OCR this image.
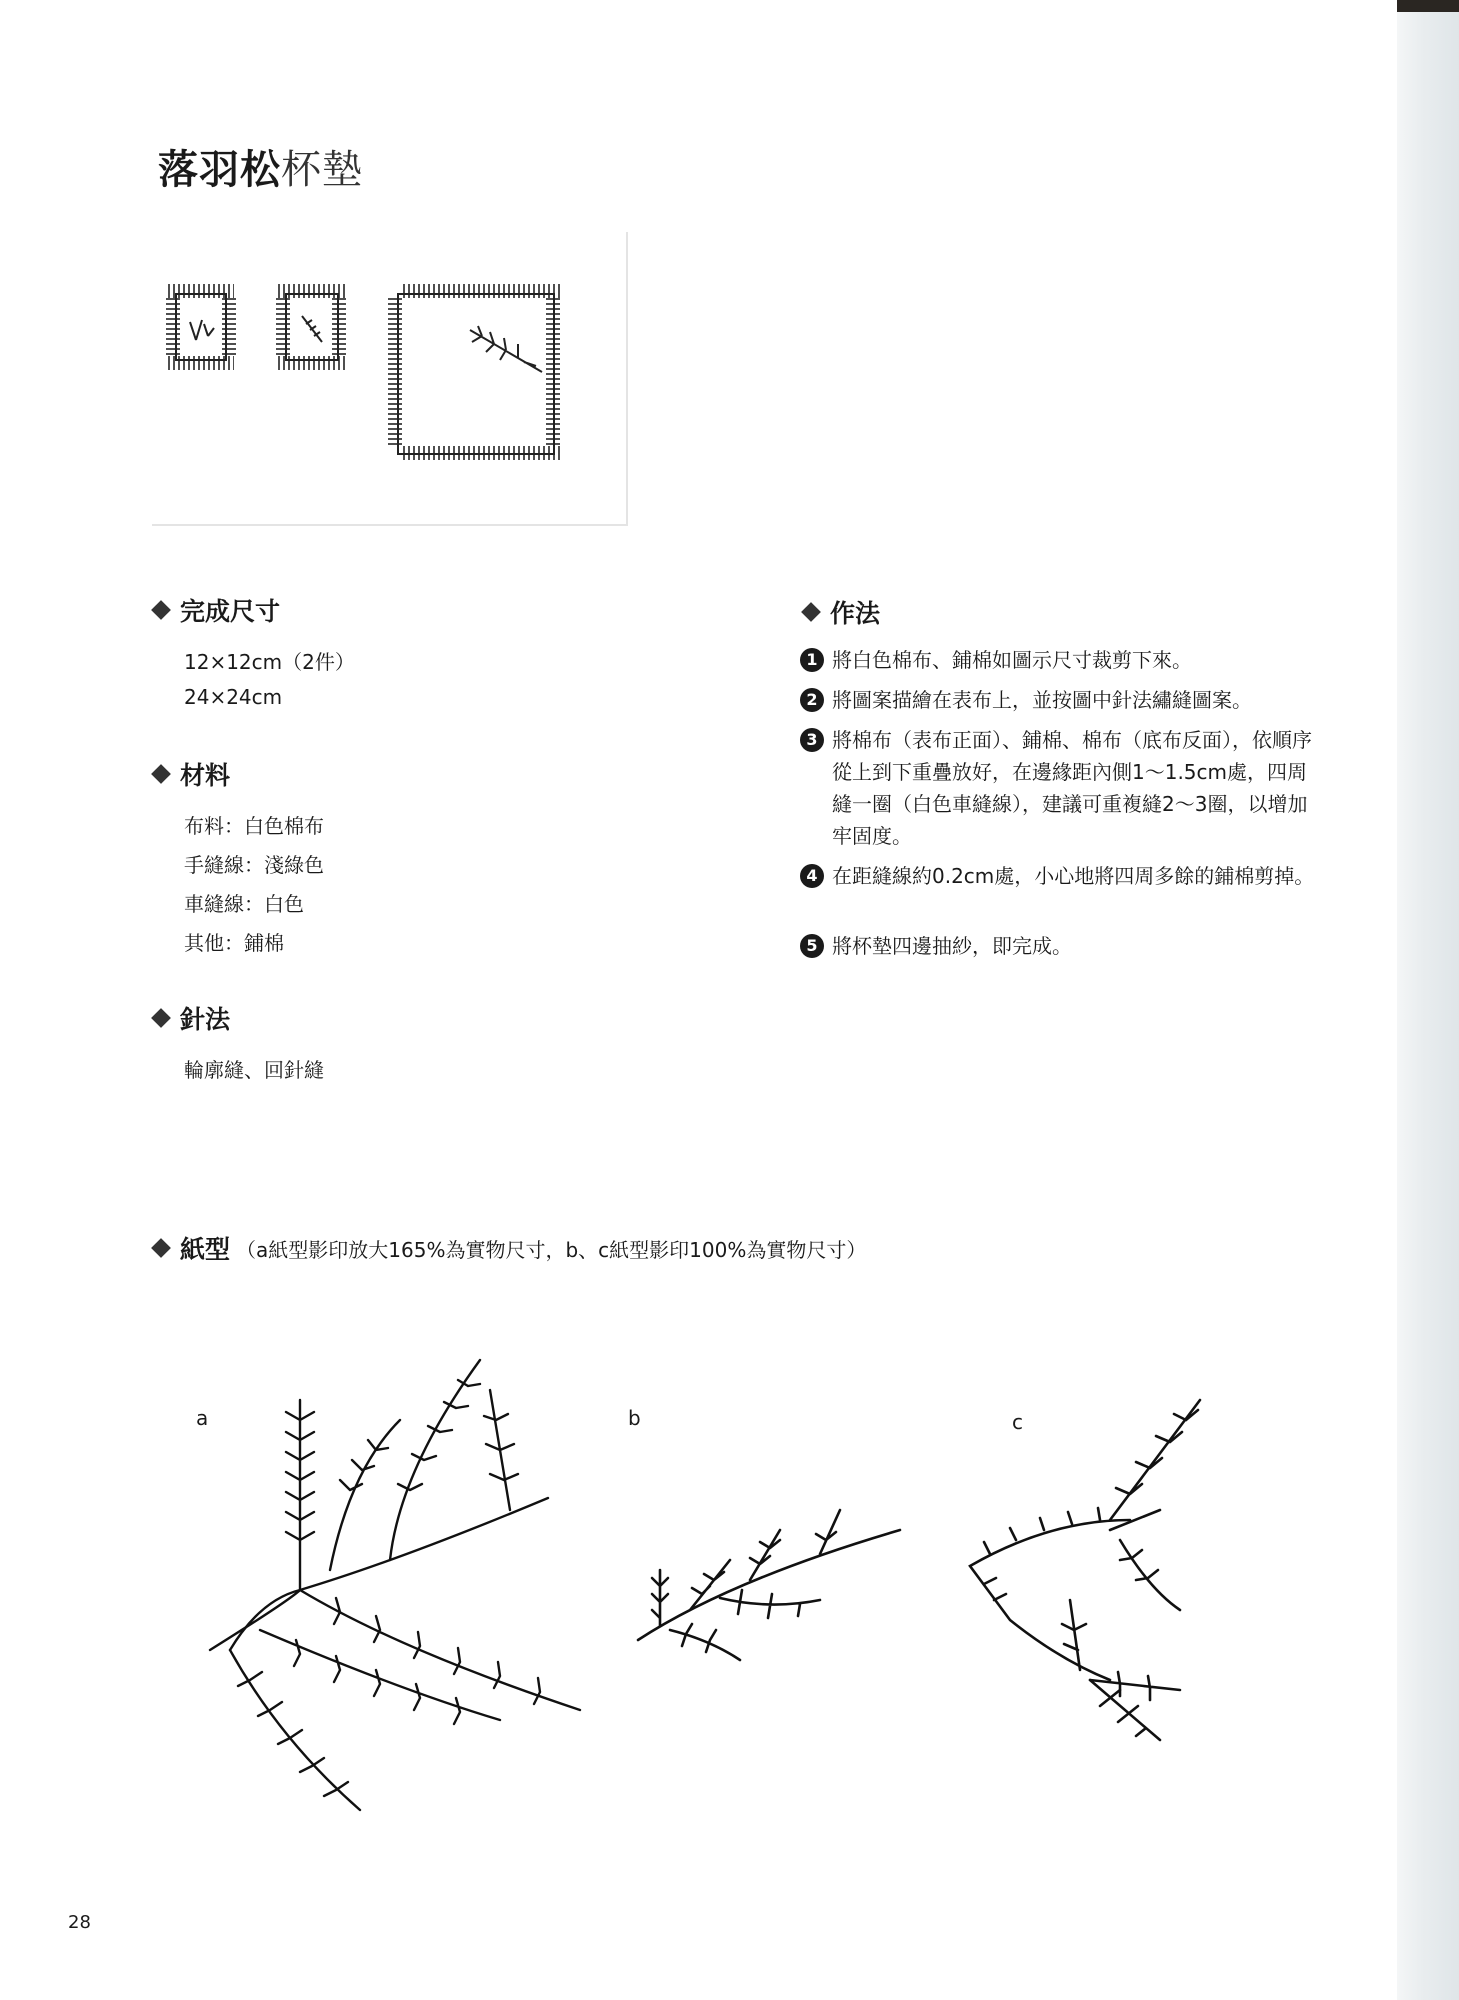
落羽松杯墊
完成尺寸
12×12cm（2件）
24×24cm
材料
布料：白色棉布
手縫線：淺綠色
車縫線：白色
其他：鋪棉
針法
輪廓縫、回針縫
作法
1 將白色棉布、鋪棉如圖示尺寸裁剪下來。
2 將圖案描繪在表布上，並按圖中針法繡縫圖案。
3 將棉布（表布正面）、鋪棉、棉布（底布反面），依順序從上到下重疊放好，在邊緣距內側1～1.5cm處，四周縫一圈（白色車縫線），建議可重複縫2～3圈，以增加牢固度。
4 在距縫線約0.2cm處，小心地將四周多餘的鋪棉剪掉。
5 將杯墊四邊抽紗，即完成。
紙型 （a紙型影印放大165%為實物尺寸，b、c紙型影印100%為實物尺寸）
a	b	c
28
